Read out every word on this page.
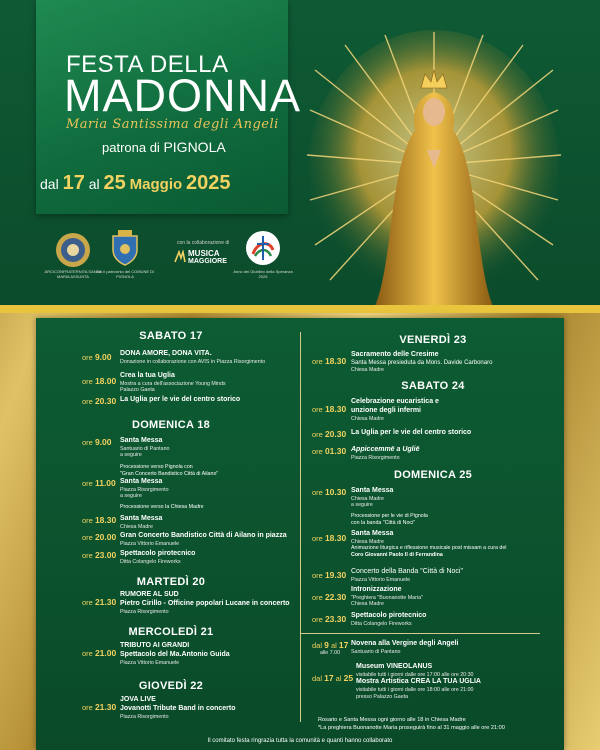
FESTA DELLA
MADONNA
Maria Santissima degli Angeli
patrona di PIGNOLA
dal 17 al 25 Maggio 2025
ARCICONFRATERNITA SANTA MARIA ASSUNTA
con il patrocinio del COMUNE DI PIGNOLA
con la collaborazione di
MUSICA
MAGGIORE
Anno del Giubileo della Speranza 2025
SABATO 17
ore 9.00 DONA AMORE, DONA VITA.
Donazione in collaborazione con AVIS in Piazza Risorgimento
ore 18.00
Crea la tua Uglia
Mostra a cura dell'associazione Young Minds
Palazzo Gaeta
ore 20.30 La Uglia per le vie del centro storico
DOMENICA 18
ore 9.00 Santa Messa
Santuario di Pantano
a seguire
Processione verso Pignola con
"Gran Concerto Bandistico Città di Ailano"
ore 11.00 Santa Messa
Piazza Risorgimento
a seguire
Processione verso la Chiesa Madre
ore 18.30 Santa Messa
Chiesa Madre
ore 20.00 Gran Concerto Bandistico Città di Ailano in piazza
Piazza Vittorio Emanuele
ore 23.00 Spettacolo pirotecnico
Ditta Colangelo Fireworks
MARTEDÌ 20
ore 21.30
RUMORE AL SUD
Pietro Cirillo - Officine popolari Lucane in concerto
Piazza Risorgimento
MERCOLEDÌ 21
ore 21.00
TRIBUTO AI GRANDI
Spettacolo del Ma.Antonio Guida
Piazza Vittorio Emanuele
GIOVEDÌ 22
ore 21.30
JOVA LIVE
Jovanotti Tribute Band in concerto
Piazza Risorgimento
VENERDÌ 23
ore 18.30
Sacramento delle Cresime
Santa Messa presieduta da Mons. Davide Carbonaro
Chiesa Madre
SABATO 24
ore 18.30
Celebrazione eucaristica e
unzione degli infermi
Chiesa Madre
ore 20.30 La Uglia per le vie del centro storico
ore 01.30 Appiccemmë a Uglië
Piazza Risorgimento
DOMENICA 25
ore 10.30 Santa Messa
Chiesa Madre
a seguire
Processione per le vie di Pignola
con la banda "Città di Noci"
ore 18.30 Santa Messa
Chiesa Madre
Animazione liturgica e riflessione musicale post missam a cura del
Coro Giovanni Paolo II di Ferrandina
ore 19.30 Concerto della Banda "Città di Noci"
Piazza Vittorio Emanuele
ore 22.30
Intronizzazione
"Preghiera "Buonanotte Maria"
Chiesa Madre
ore 23.30 Spettacolo pirotecnico
Ditta Colangelo Fireworks
dal 9 al 17
alle 7.00
Novena alla Vergine degli Angeli
Santuario di Pantano
dal 17 al 25
Museum VINEOLANUS
visitabile tutti i giorni dalle ore 17:00 alle ore 20:30
Mostra Artistica CREA LA TUA UGLIA
visitabile tutti i giorni dalle ore 18:00 alle ore 21:00
presso Palazzo Gaeta
Rosario e Santa Messa ogni giorno alle 18 in Chiesa Madre
*La preghiera Buonanotte Maria proseguirà fino al 31 maggio alle ore 21:00
Il comitato festa ringrazia tutta la comunità e quanti hanno collaborato
